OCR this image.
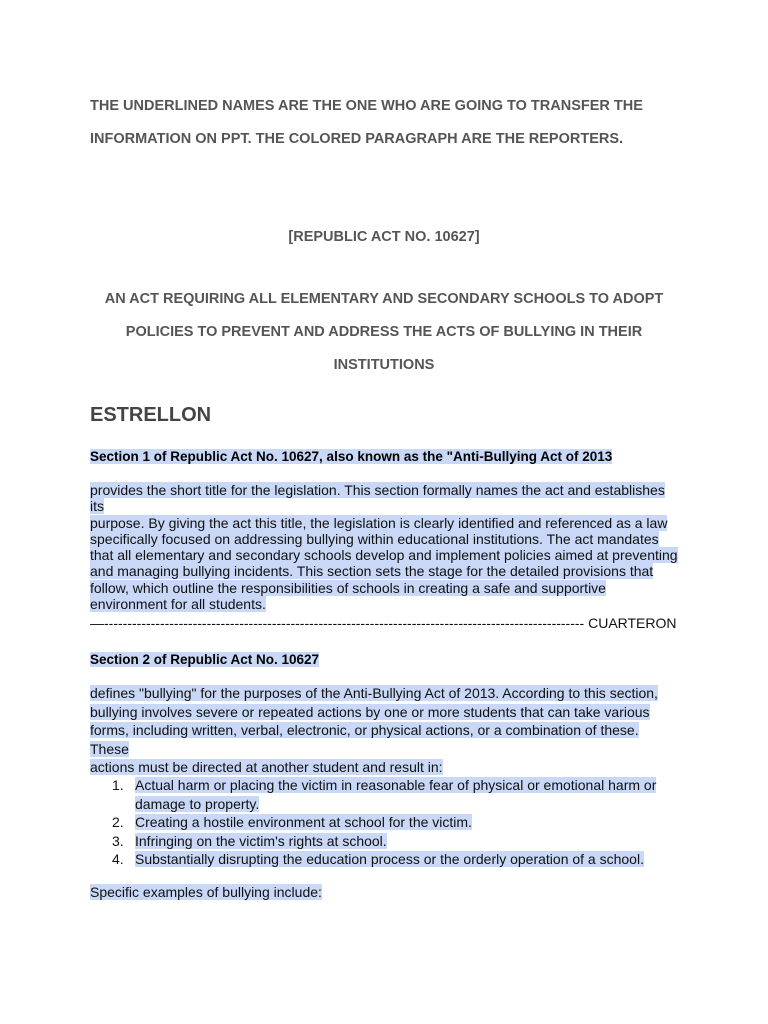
THE UNDERLINED NAMES ARE THE ONE WHO ARE GOING TO TRANSFER THE
INFORMATION ON PPT. THE COLORED PARAGRAPH ARE THE REPORTERS.
[REPUBLIC ACT NO. 10627]
AN ACT REQUIRING ALL ELEMENTARY AND SECONDARY SCHOOLS TO ADOPT
POLICIES TO PREVENT AND ADDRESS THE ACTS OF BULLYING IN THEIR
INSTITUTIONS
ESTRELLON
Section 1 of Republic Act No. 10627, also known as the "Anti-Bullying Act of 2013
provides the short title for the legislation. This section formally names the act and establishes its
purpose. By giving the act this title, the legislation is clearly identified and referenced as a law
specifically focused on addressing bullying within educational institutions. The act mandates
that all elementary and secondary schools develop and implement policies aimed at preventing
and managing bullying incidents. This section sets the stage for the detailed provisions that
follow, which outline the responsibilities of schools in creating a safe and supportive
environment for all students.
—------------------------------------------------------------------------------------------------------- CUARTERON
Section 2 of Republic Act No. 10627
defines "bullying" for the purposes of the Anti-Bullying Act of 2013. According to this section,
bullying involves severe or repeated actions by one or more students that can take various
forms, including written, verbal, electronic, or physical actions, or a combination of these. These
actions must be directed at another student and result in:
1. Actual harm or placing the victim in reasonable fear of physical or emotional harm or
damage to property.
2. Creating a hostile environment at school for the victim.
3. Infringing on the victim's rights at school.
4. Substantially disrupting the education process or the orderly operation of a school.
Specific examples of bullying include:
